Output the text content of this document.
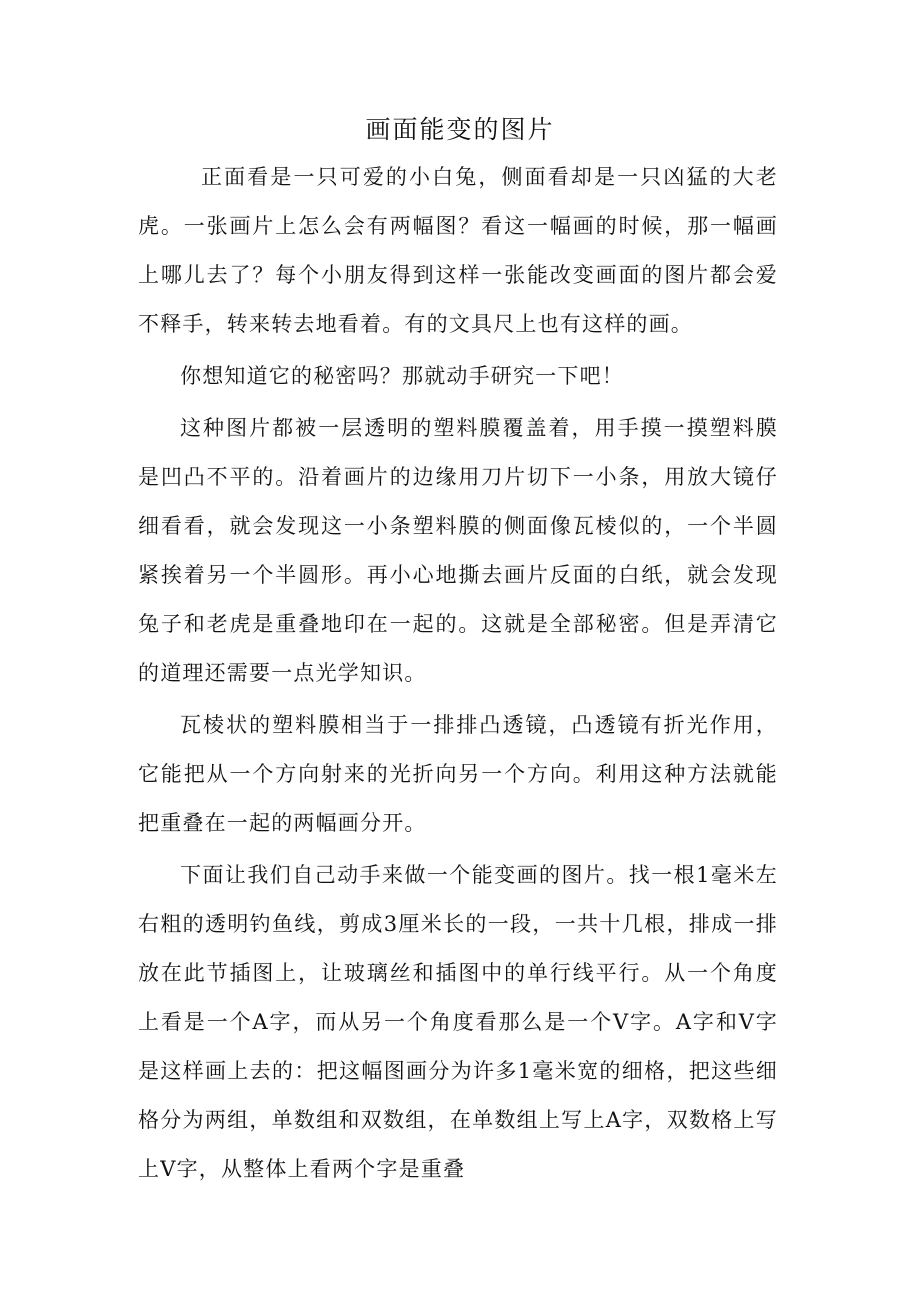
画面能变的图片

正面看是一只可爱的小白兔，侧面看却是一只凶猛的大老虎。一张画片上怎么会有两幅图？看这一幅画的时候，那一幅画上哪儿去了？每个小朋友得到这样一张能改变画面的图片都会爱不释手，转来转去地看着。有的文具尺上也有这样的画。

你想知道它的秘密吗？那就动手研究一下吧！

这种图片都被一层透明的塑料膜覆盖着，用手摸一摸塑料膜是凹凸不平的。沿着画片的边缘用刀片切下一小条，用放大镜仔细看看，就会发现这一小条塑料膜的侧面像瓦棱似的，一个半圆紧挨着另一个半圆形。再小心地撕去画片反面的白纸，就会发现兔子和老虎是重叠地印在一起的。这就是全部秘密。但是弄清它的道理还需要一点光学知识。

瓦棱状的塑料膜相当于一排排凸透镜，凸透镜有折光作用，它能把从一个方向射来的光折向另一个方向。利用这种方法就能把重叠在一起的两幅画分开。

下面让我们自己动手来做一个能变画的图片。找一根1毫米左右粗的透明钓鱼线，剪成3厘米长的一段，一共十几根，排成一排放在此节插图上，让玻璃丝和插图中的单行线平行。从一个角度上看是一个A字，而从另一个角度看那么是一个V字。A字和V字是这样画上去的：把这幅图画分为许多1毫米宽的细格，把这些细格分为两组，单数组和双数组，在单数组上写上A字，双数格上写上V字，从整体上看两个字是重叠
